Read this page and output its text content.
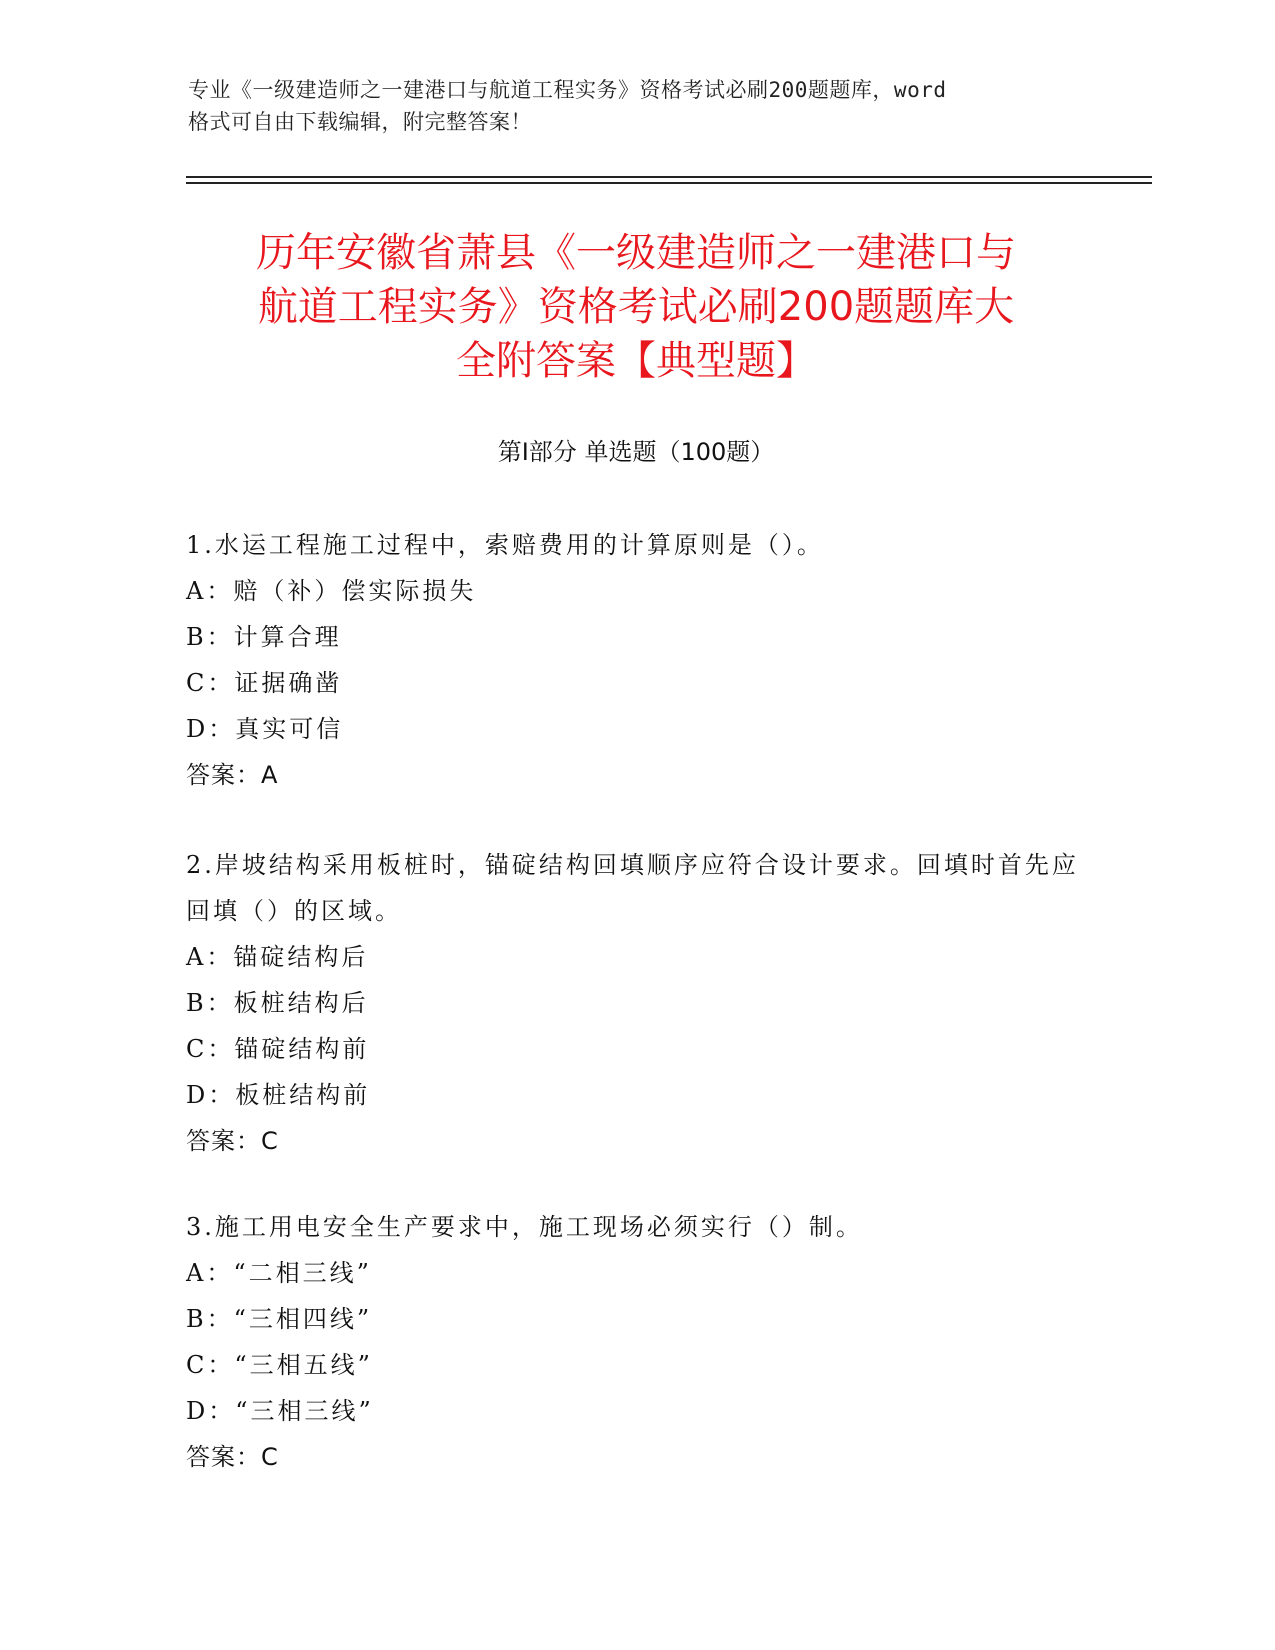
专业《一级建造师之一建港口与航道工程实务》资格考试必刷200题题库，word
格式可自由下载编辑，附完整答案！
历年安徽省萧县《一级建造师之一建港口与
航道工程实务》资格考试必刷200题题库大
全附答案【典型题】
第Ⅰ部分 单选题（100题）
1.水运工程施工过程中，索赔费用的计算原则是（）。
A：赔（补）偿实际损失
B：计算合理
C：证据确凿
D：真实可信
答案：A
2.岸坡结构采用板桩时，锚碇结构回填顺序应符合设计要求。回填时首先应回填（）的区域。
A：锚碇结构后
B：板桩结构后
C：锚碇结构前
D：板桩结构前
答案：C
3.施工用电安全生产要求中，施工现场必须实行（）制。
A：“二相三线”
B：“三相四线”
C：“三相五线”
D：“三相三线”
答案：C
